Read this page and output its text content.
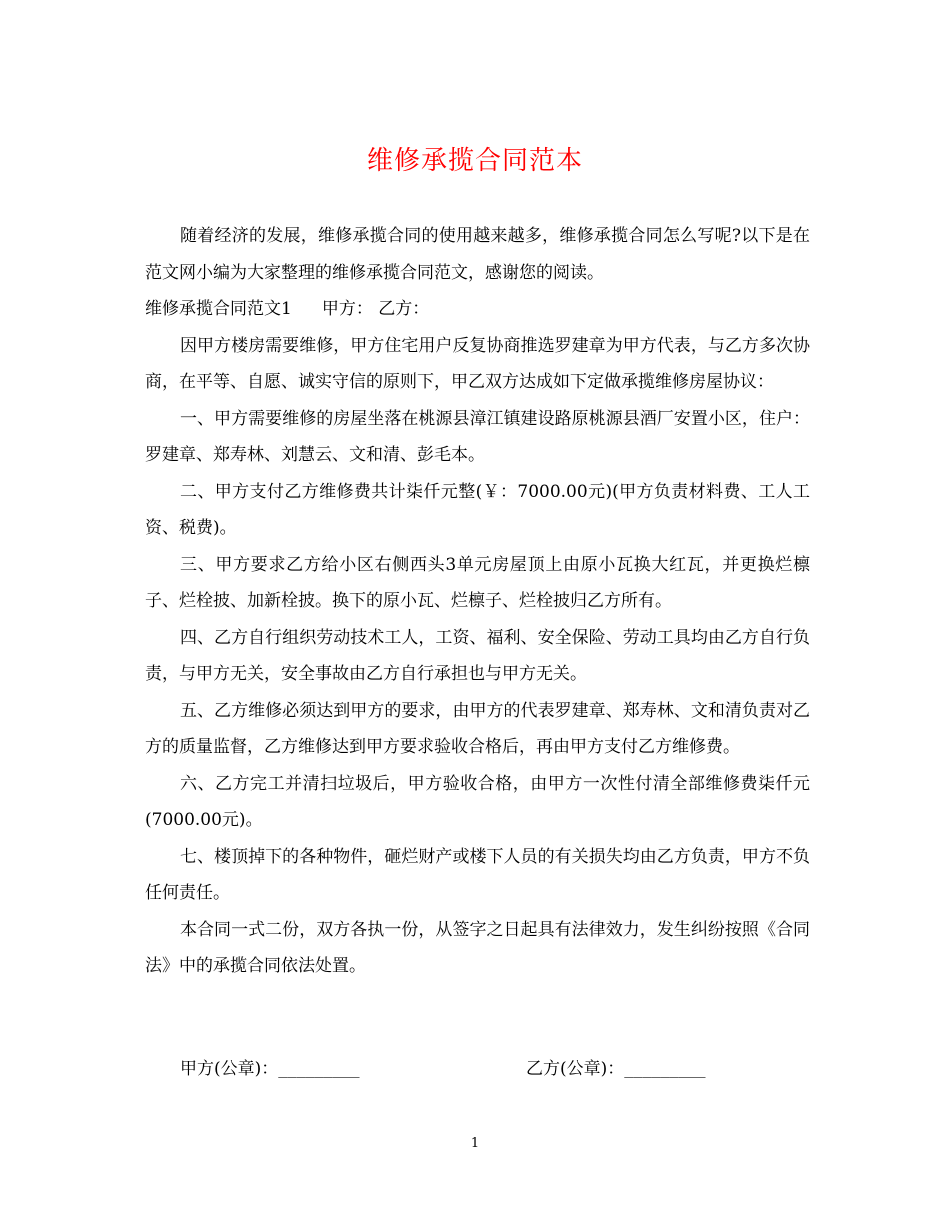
维修承揽合同范本

随着经济的发展，维修承揽合同的使用越来越多，维修承揽合同怎么写呢?以下是在范文网小编为大家整理的维修承揽合同范文，感谢您的阅读。

维修承揽合同范文1 甲方： 乙方：

因甲方楼房需要维修，甲方住宅用户反复协商推选罗建章为甲方代表，与乙方多次协商，在平等、自愿、诚实守信的原则下，甲乙双方达成如下定做承揽维修房屋协议：

一、甲方需要维修的房屋坐落在桃源县漳江镇建设路原桃源县酒厂安置小区，住户：罗建章、郑寿林、刘慧云、文和清、彭毛本。

二、甲方支付乙方维修费共计柒仟元整(￥：7000.00元)(甲方负责材料费、工人工资、税费)。

三、甲方要求乙方给小区右侧西头3单元房屋顶上由原小瓦换大红瓦，并更换烂檩子、烂栓披、加新栓披。换下的原小瓦、烂檩子、烂栓披归乙方所有。

四、乙方自行组织劳动技术工人，工资、福利、安全保险、劳动工具均由乙方自行负责，与甲方无关，安全事故由乙方自行承担也与甲方无关。

五、乙方维修必须达到甲方的要求，由甲方的代表罗建章、郑寿林、文和清负责对乙方的质量监督，乙方维修达到甲方要求验收合格后，再由甲方支付乙方维修费。

六、乙方完工并清扫垃圾后，甲方验收合格，由甲方一次性付清全部维修费柒仟元(7000.00元)。

七、楼顶掉下的各种物件，砸烂财产或楼下人员的有关损失均由乙方负责，甲方不负任何责任。

本合同一式二份，双方各执一份，从签字之日起具有法律效力，发生纠纷按照《合同法》中的承揽合同依法处置。

甲方(公章)：_________	乙方(公章)：_________
1
